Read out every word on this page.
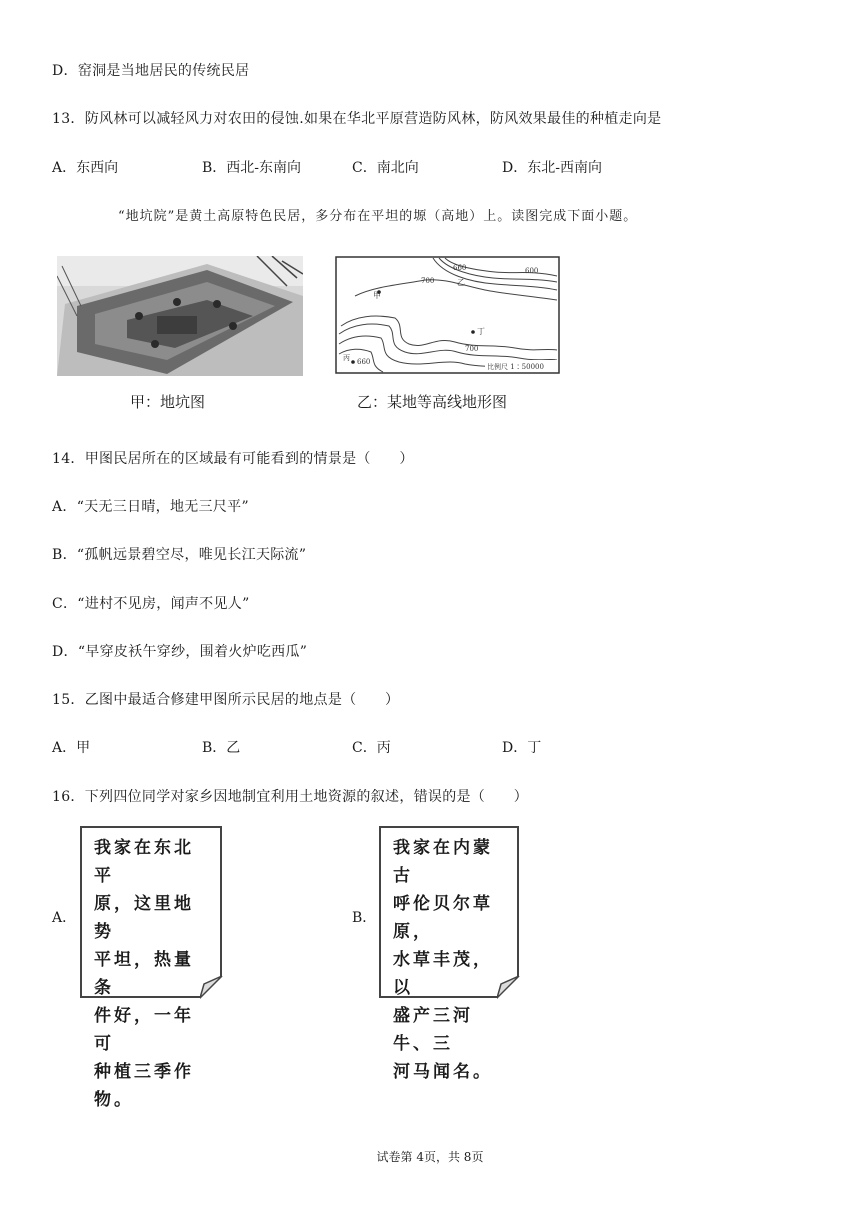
D．窑洞是当地居民的传统民居
13．防风林可以减轻风力对农田的侵蚀.如果在华北平原营造防风林，防风效果最佳的种植走向是
A．东西向	B．西北-东南向	C．南北向	D．东北-西南向
“地坑院”是黄土高原特色民居，多分布在平坦的塬（高地）上。读图完成下面小题。
甲：地坑图
660	600
700	乙
甲
丁
700
660
丙
比例尺 1∶50000
乙：某地等高线地形图
14．甲图民居所在的区域最有可能看到的情景是（　　）
A．“天无三日晴，地无三尺平”
B．“孤帆远景碧空尽，唯见长江天际流”
C．“进村不见房，闻声不见人”
D．“早穿皮袄午穿纱，围着火炉吃西瓜”
15．乙图中最适合修建甲图所示民居的地点是（　　）
A．甲	B．乙	C．丙	D．丁
16．下列四位同学对家乡因地制宜利用土地资源的叙述，错误的是（　　）
A．
我家在东北平
原，这里地势
平坦，热量条
件好，一年可
种植三季作
物。
B．
我家在内蒙古
呼伦贝尔草原，
水草丰茂，以
盛产三河牛、三
河马闻名。
试卷第 4页，共 8页
